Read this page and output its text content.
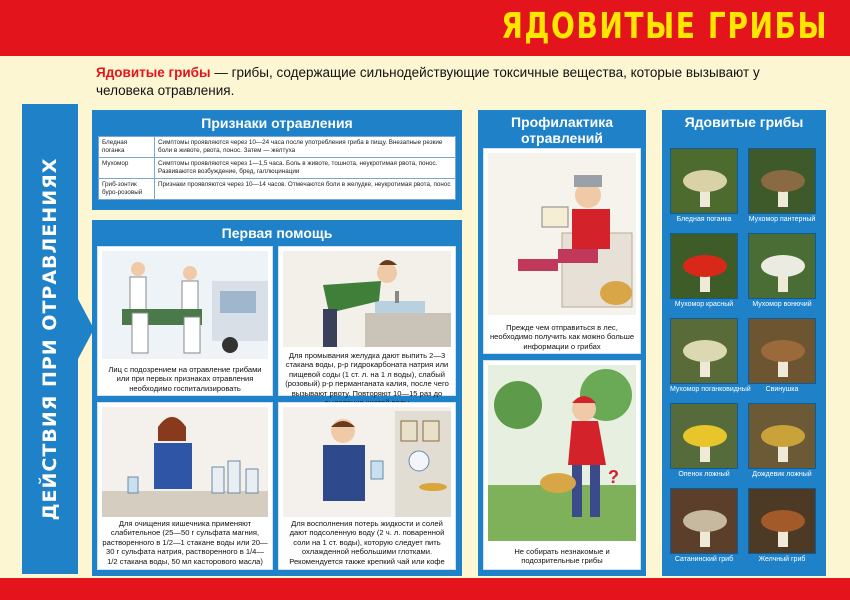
ЯДОВИТЫЕ ГРИБЫ
Ядовитые грибы — грибы, содержащие сильнодействующие токсичные вещества, которые вызывают у человека отравления.
ДЕЙСТВИЯ ПРИ ОТРАВЛЕНИЯХ
Признаки отравления
Бледная поганка	Симптомы проявляются через 10—24 часа после употребления гриба в пищу. Внезапные резкие боли в животе, рвота, понос. Затем — желтуха
Мухомор	Симптомы проявляются через 1—1,5 часа. Боль в животе, тошнота, неукротимая рвота, понос. Развиваются возбуждение, бред, галлюцинации
Гриб-зонтик буро-розовый	Признаки проявляются через 10—14 часов. Отмечаются боли в желудке, неукротимая рвота, понос
Первая помощь
Лиц с подозрением на отравление грибами или при первых признаках отравления необходимо госпитализировать
Для промывания желудка дают выпить 2—3 стакана воды, р-р гидрокарбоната натрия или пищевой соды (1 ст. л. на 1 л воды), слабый (розовый) р-р перманганата калия, после чего вызывают рвоту. Повторяют 10—15 раз до
Для очищения кишечника применяют слабительное (25—50 г сульфата магния, растворенного в 1/2—1 стакане воды или 20—30 г сульфата натрия, растворенного в 1/4—1/2 стакана воды, 50 мл касторового масла)
Для восполнения потерь жидкости и солей дают подсоленную воду (2 ч. л. поваренной соли на 1 ст. воды), которую следует пить охлажденной небольшими глотками. Рекомендуется также крепкий чай или кофе
Профилактика отравлений
Прежде чем отправиться в лес, необходимо получить как можно больше информации о грибах
?
Не собирать незнакомые и подозрительные грибы
Ядовитые грибы
Бледная поганка	Мухомор пантерный
Мухомор красный	Мухомор вонючий
Мухомор поганковидный	Свинушка
Опенок ложный	Дождевик ложный
Сатанинский гриб	Желчный гриб
